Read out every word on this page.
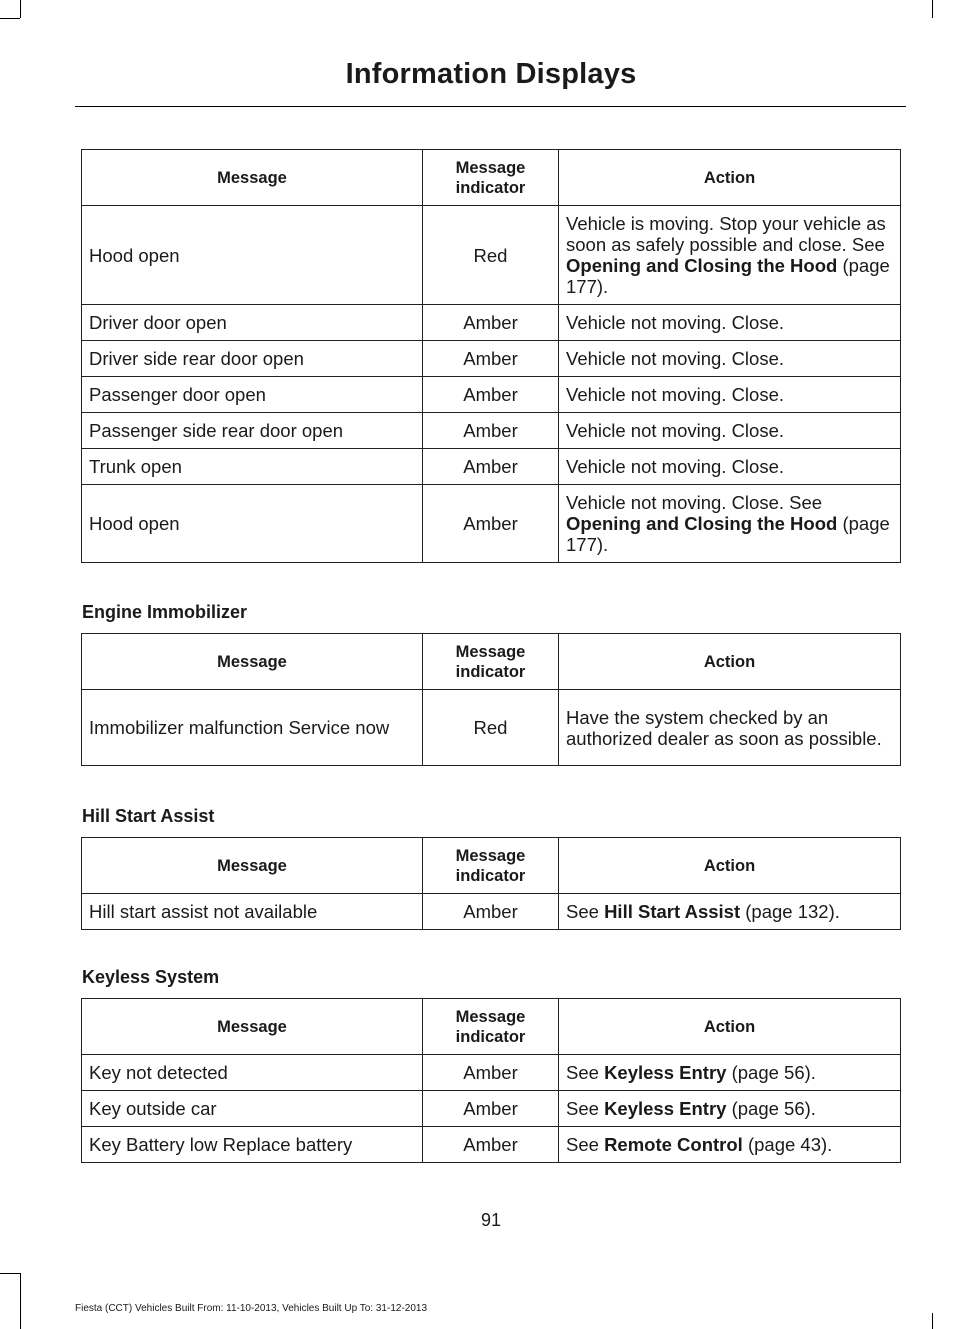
Information Displays
Message	Message indicator	Action
Hood open	Red	Vehicle is moving. Stop your vehicle as soon as safely possible and close. See Opening and Closing the Hood (page 177).
Driver door open	Amber	Vehicle not moving. Close.
Driver side rear door open	Amber	Vehicle not moving. Close.
Passenger door open	Amber	Vehicle not moving. Close.
Passenger side rear door open	Amber	Vehicle not moving. Close.
Trunk open	Amber	Vehicle not moving. Close.
Hood open	Amber	Vehicle not moving. Close. See Opening and Closing the Hood (page 177).
Engine Immobilizer
Message	Message indicator	Action
Immobilizer malfunction Service now	Red	Have the system checked by an authorized dealer as soon as possible.
Hill Start Assist
Message	Message indicator	Action
Hill start assist not available	Amber	See Hill Start Assist (page 132).
Keyless System
Message	Message indicator	Action
Key not detected	Amber	See Keyless Entry (page 56).
Key outside car	Amber	See Keyless Entry (page 56).
Key Battery low Replace battery	Amber	See Remote Control (page 43).
91
Fiesta (CCT) Vehicles Built From: 11-10-2013, Vehicles Built Up To: 31-12-2013
